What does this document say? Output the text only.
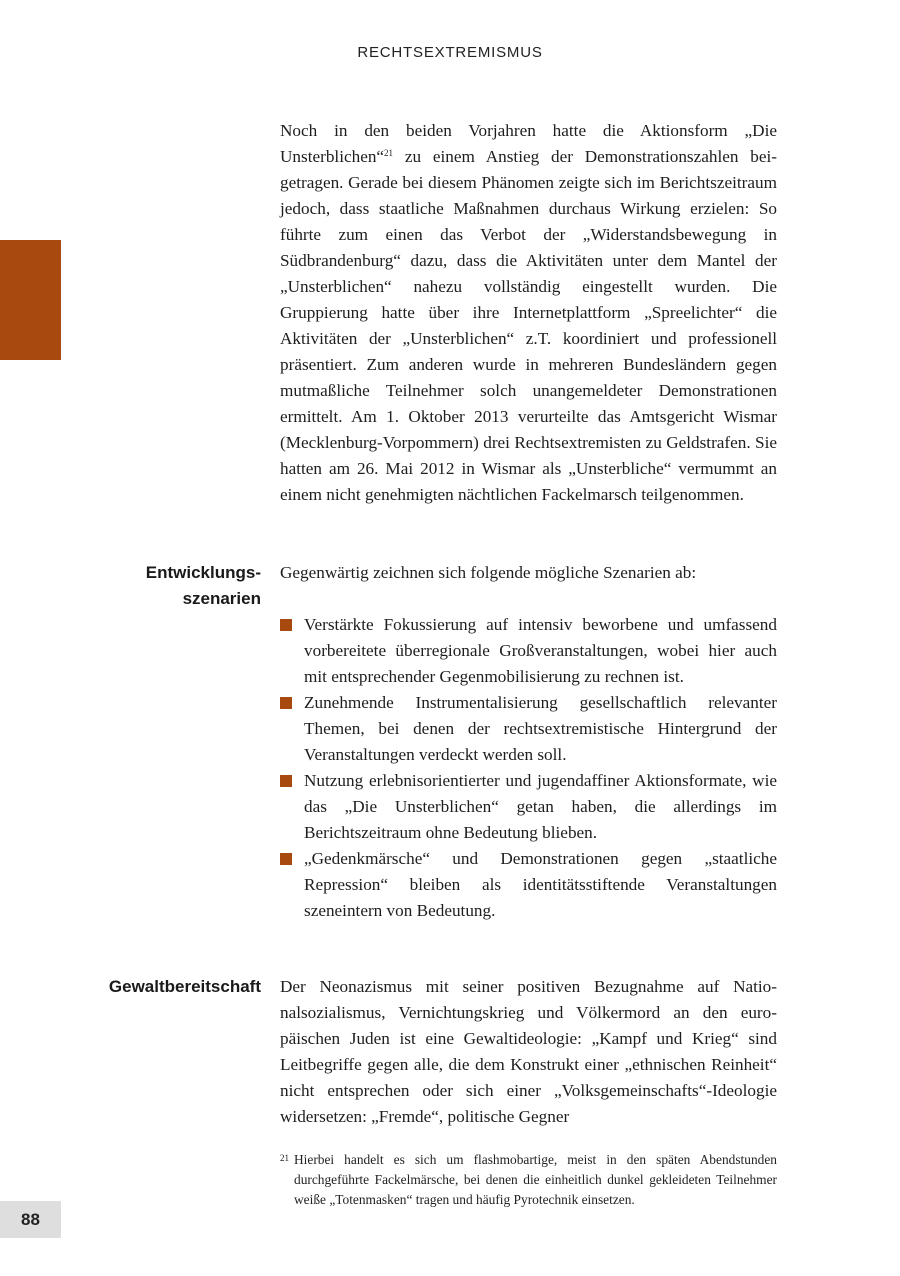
RECHTSEXTREMISMUS

Noch in den beiden Vorjahren hatte die Aktionsform „Die Unsterblichen“$^{21}$ zu einem Anstieg der Demonstrationszahlen beigetragen. Gerade bei diesem Phänomen zeigte sich im Berichtszeitraum jedoch, dass staatliche Maßnahmen durchaus Wirkung erzielen: So führte zum einen das Verbot der „Widerstandsbewegung in Südbrandenburg“ dazu, dass die Aktivitäten unter dem Mantel der „Unsterblichen“ nahezu vollständig eingestellt wurden. Die Gruppierung hatte über ihre Internetplattform „Spreelichter“ die Aktivitäten der „Unsterblichen“ z.T. koordiniert und professionell präsentiert. Zum anderen wurde in mehreren Bundesländern gegen mutmaßliche Teilnehmer solch unangemeldeter Demonstrationen ermittelt. Am 1. Oktober 2013 verurteilte das Amtsgericht Wismar (Mecklenburg-Vorpommern) drei Rechtsextremisten zu Geldstrafen. Sie hatten am 26. Mai 2012 in Wismar als „Unsterbliche“ vermummt an einem nicht genehmigten nächtlichen Fackelmarsch teilgenommen.

Entwicklungs-
szenarien

Gegenwärtig zeichnen sich folgende mögliche Szenarien ab:

Verstärkte Fokussierung auf intensiv beworbene und umfassend vorbereitete überregionale Großveranstaltungen, wobei hier auch mit entsprechender Gegenmobilisierung zu rechnen ist.
Zunehmende Instrumentalisierung gesellschaftlich relevanter Themen, bei denen der rechtsextremistische Hintergrund der Veranstaltungen verdeckt werden soll.
Nutzung erlebnisorientierter und jugendaffiner Aktionsformate, wie das „Die Unsterblichen“ getan haben, die allerdings im Berichtszeitraum ohne Bedeutung blieben.
„Gedenkmärsche“ und Demonstrationen gegen „staatliche Repression“ bleiben als identitätsstiftende Veranstaltungen szeneintern von Bedeutung.
Gewaltbereitschaft Der Neonazismus mit seiner positiven Bezugnahme auf Nationalsozialismus, Vernichtungskrieg und Völkermord an den europäischen Juden ist eine Gewaltideologie: „Kampf und Krieg“ sind Leitbegriffe gegen alle, die dem Konstrukt einer „ethnischen Reinheit“ nicht entsprechen oder sich einer „Volksgemeinschafts“-Ideologie widersetzen: „Fremde“, politische Gegner

21 Hierbei handelt es sich um flashmobartige, meist in den späten Abendstunden durchgeführte Fackelmärsche, bei denen die einheitlich dunkel gekleideten Teilnehmer weiße „Totenmasken“ tragen und häufig Pyrotechnik einsetzen.
88
